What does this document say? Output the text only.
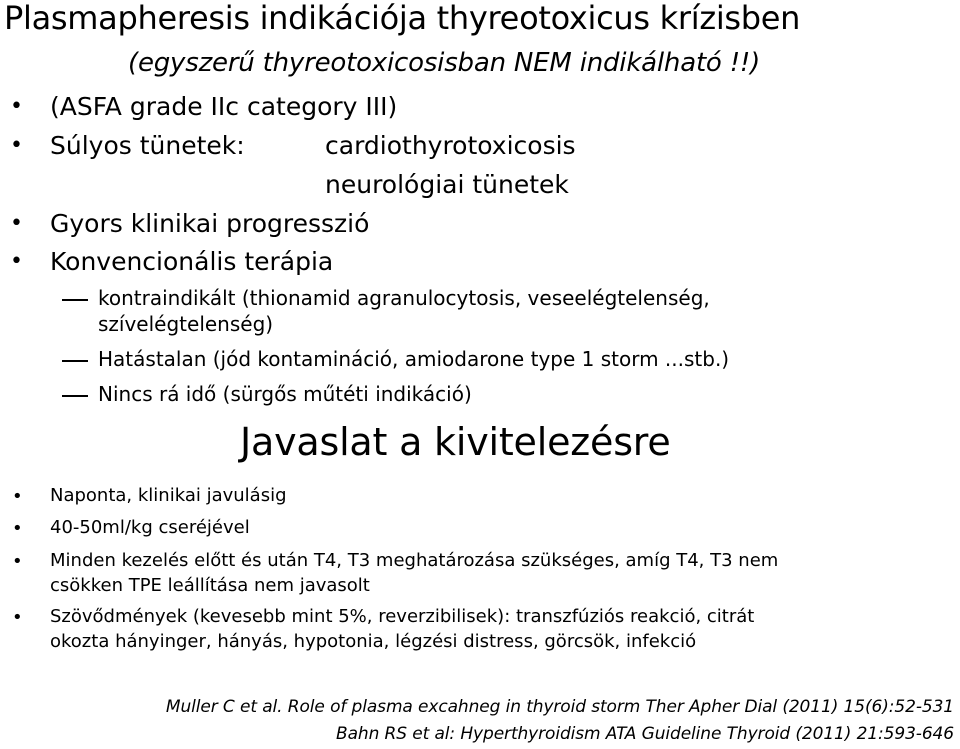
Plasmapheresis indikációja thyreotoxicus krízisben
(egyszerű thyreotoxicosisban NEM indikálható !!)
• (ASFA grade IIc category III)
• Súlyos tünetek:	cardiothyrotoxicosis
neurológiai tünetek
• Gyors klinikai progresszió
• Konvencionális terápia
kontraindikált (thionamid agranulocytosis, veseelégtelenség,
szívelégtelenség)
Hatástalan (jód kontamináció, amiodarone type 1 storm ...stb.)
Nincs rá idő (sürgős műtéti indikáció)
Javaslat a kivitelezésre
• Naponta, klinikai javulásig
• 40-50ml/kg cseréjével
• Minden kezelés előtt és után T4, T3 meghatározása szükséges, amíg T4, T3 nem
csökken TPE leállítása nem javasolt
• Szövődmények (kevesebb mint 5%, reverzibilisek): transzfúziós reakció, citrát
okozta hányinger, hányás, hypotonia, légzési distress, görcsök, infekció
Muller C et al. Role of plasma excahneg in thyroid storm Ther Apher Dial (2011) 15(6):52-531
Bahn RS et al: Hyperthyroidism ATA Guideline Thyroid (2011) 21:593-646
